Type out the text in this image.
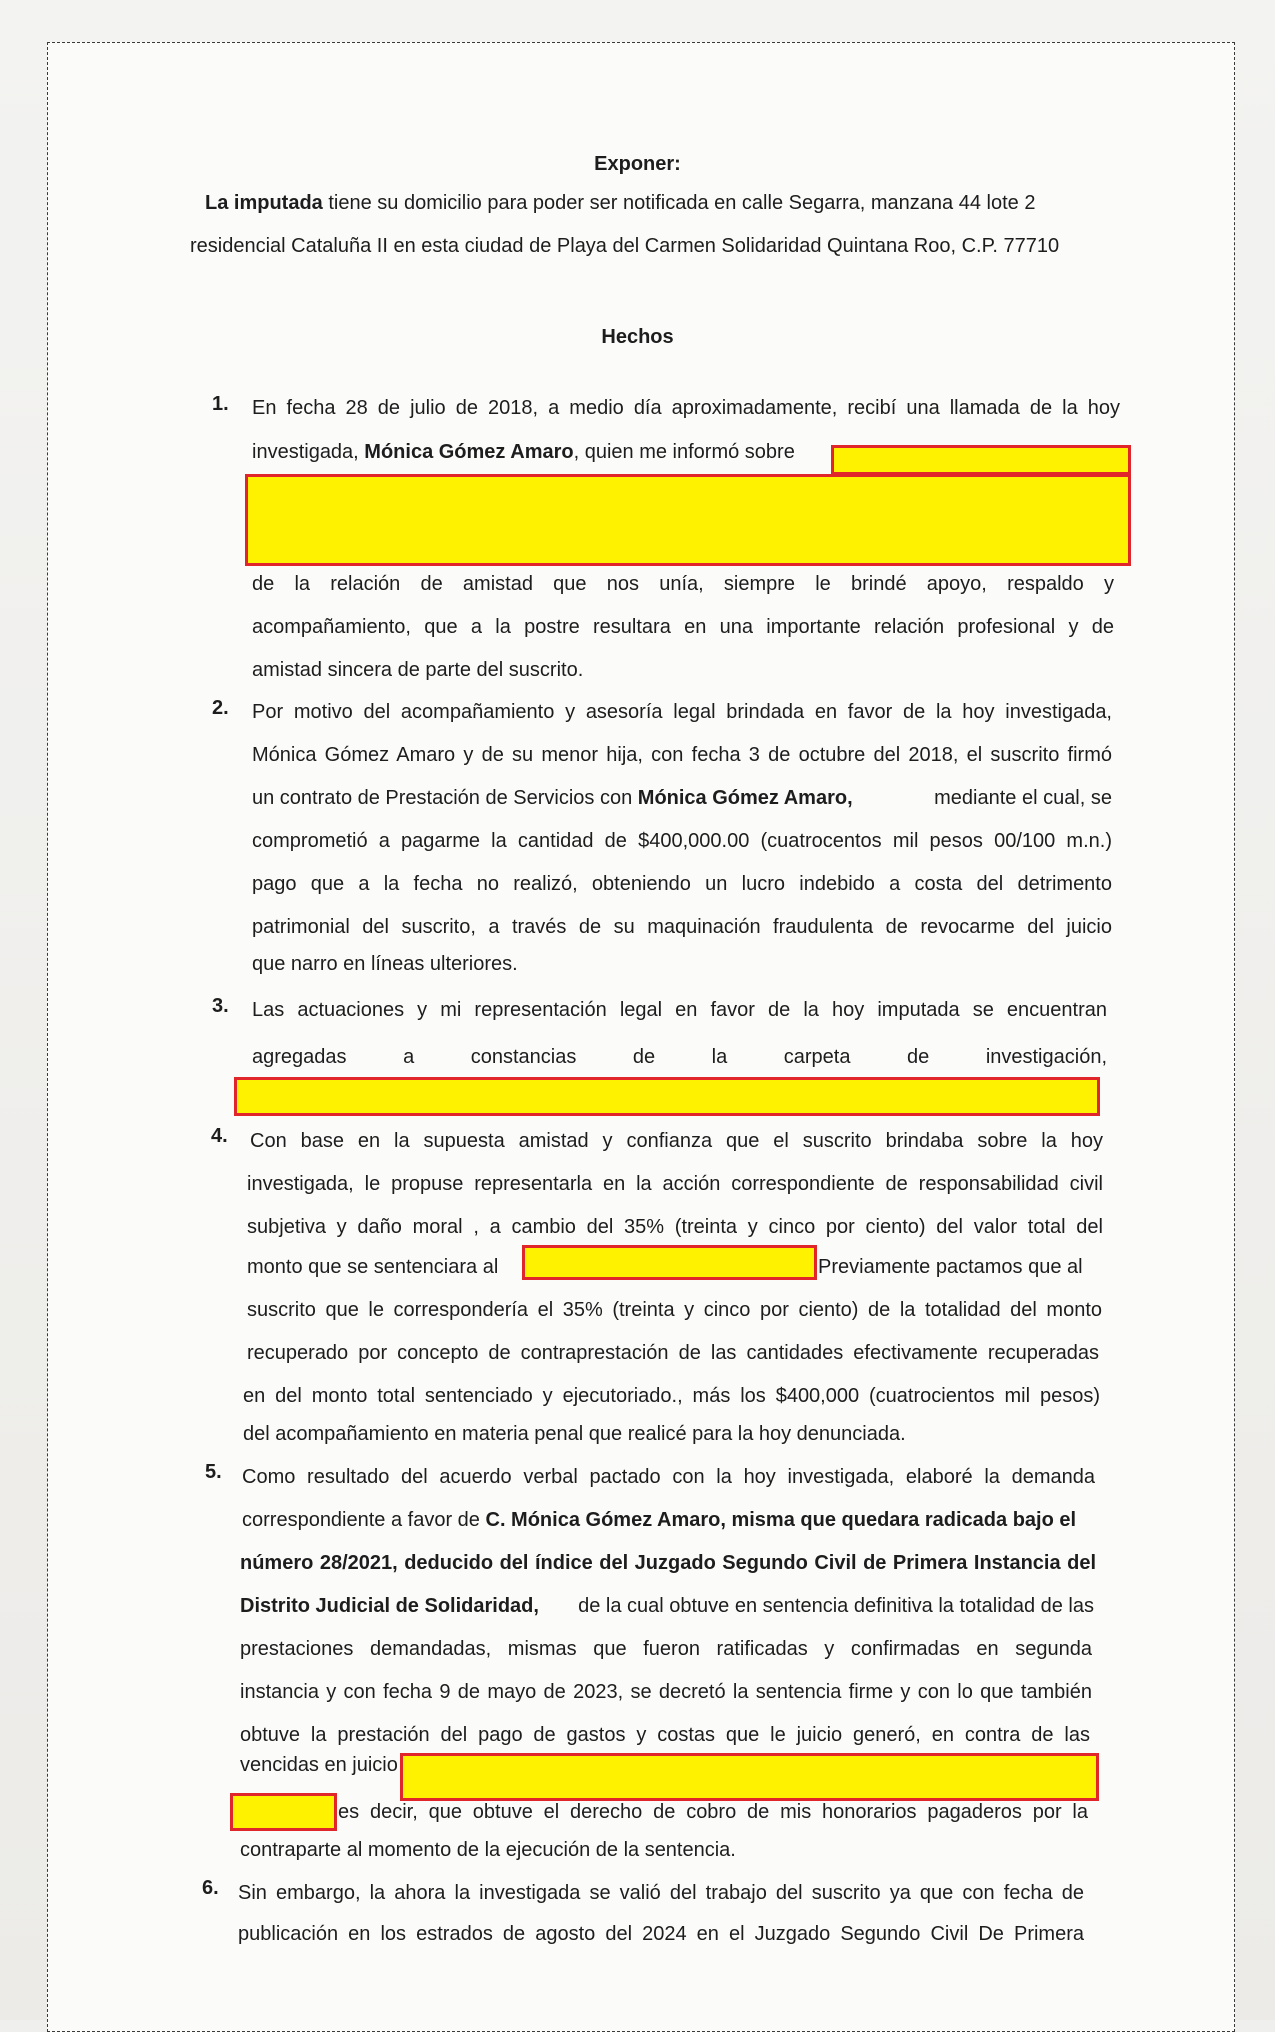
Exponer:
La imputada tiene su domicilio para poder ser notificada en calle Segarra, manzana 44 lote 2
residencial Cataluña II en esta ciudad de Playa del Carmen Solidaridad Quintana Roo, C.P. 77710
Hechos
1. En fecha 28 de julio de 2018, a medio día aproximadamente, recibí una llamada de la hoy
investigada, Mónica Gómez Amaro, quien me informó sobre
de la relación de amistad que nos unía, siempre le brindé apoyo, respaldo y
acompañamiento, que a la postre resultara en una importante relación profesional y de
amistad sincera de parte del suscrito.
2. Por motivo del acompañamiento y asesoría legal brindada en favor de la hoy investigada,
Mónica Gómez Amaro y de su menor hija, con fecha 3 de octubre del 2018, el suscrito firmó
un contrato de Prestación de Servicios con Mónica Gómez Amaro,	mediante el cual, se
comprometió a pagarme la cantidad de $400,000.00 (cuatrocentos mil pesos 00/100 m.n.)
pago que a la fecha no realizó, obteniendo un lucro indebido a costa del detrimento
patrimonial del suscrito, a través de su maquinación fraudulenta de revocarme del juicio
que narro en líneas ulteriores.
3. Las actuaciones y mi representación legal en favor de la hoy imputada se encuentran
agregadas a constancias de la carpeta de investigación,
4. Con base en la supuesta amistad y confianza que el suscrito brindaba sobre la hoy
investigada, le propuse representarla en la acción correspondiente de responsabilidad civil
subjetiva y daño moral , a cambio del 35% (treinta y cinco por ciento) del valor total del
monto que se sentenciara al	Previamente pactamos que al
suscrito que le correspondería el 35% (treinta y cinco por ciento) de la totalidad del monto
recuperado por concepto de contraprestación de las cantidades efectivamente recuperadas
en del monto total sentenciado y ejecutoriado., más los $400,000 (cuatrocientos mil pesos)
del acompañamiento en materia penal que realicé para la hoy denunciada.
5. Como resultado del acuerdo verbal pactado con la hoy investigada, elaboré la demanda
correspondiente a favor de C. Mónica Gómez Amaro, misma que quedara radicada bajo el
número 28/2021, deducido del índice del Juzgado Segundo Civil de Primera Instancia del
Distrito Judicial de Solidaridad, de la cual obtuve en sentencia definitiva la totalidad de las
prestaciones demandadas, mismas que fueron ratificadas y confirmadas en segunda
instancia y con fecha 9 de mayo de 2023, se decretó la sentencia firme y con lo que también
obtuve la prestación del pago de gastos y costas que le juicio generó, en contra de las
vencidas en juicio
es decir, que obtuve el derecho de cobro de mis honorarios pagaderos por la
contraparte al momento de la ejecución de la sentencia.
6. Sin embargo, la ahora la investigada se valió del trabajo del suscrito ya que con fecha de
publicación en los estrados de agosto del 2024 en el Juzgado Segundo Civil De Primera
